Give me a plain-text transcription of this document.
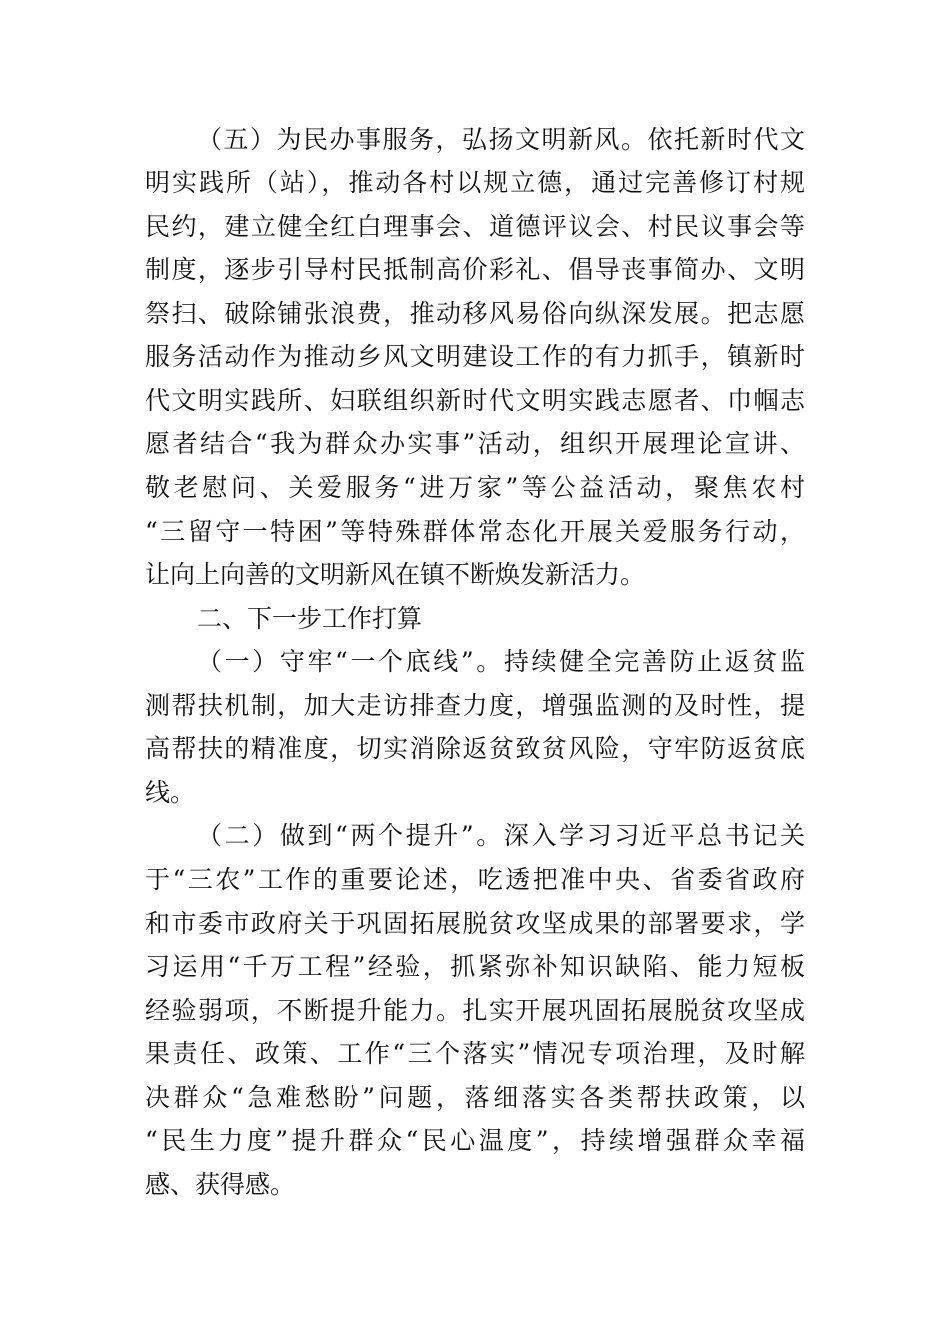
（五）为民办事服务，弘扬文明新风。依托新时代文
明实践所（站），推动各村以规立德，通过完善修订村规
民约，建立健全红白理事会、道德评议会、村民议事会等
制度，逐步引导村民抵制高价彩礼、倡导丧事简办、文明
祭扫、破除铺张浪费，推动移风易俗向纵深发展。把志愿
服务活动作为推动乡风文明建设工作的有力抓手，镇新时
代文明实践所、妇联组织新时代文明实践志愿者、巾帼志
愿者结合“我为群众办实事”活动，组织开展理论宣讲、
敬老慰问、关爱服务“进万家”等公益活动，聚焦农村
“三留守一特困”等特殊群体常态化开展关爱服务行动，
让向上向善的文明新风在镇不断焕发新活力。
二、下一步工作打算
（一）守牢“一个底线”。持续健全完善防止返贫监
测帮扶机制，加大走访排查力度，增强监测的及时性，提
高帮扶的精准度，切实消除返贫致贫风险，守牢防返贫底
线。
（二）做到“两个提升”。深入学习习近平总书记关
于“三农”工作的重要论述，吃透把准中央、省委省政府
和市委市政府关于巩固拓展脱贫攻坚成果的部署要求，学
习运用“千万工程”经验，抓紧弥补知识缺陷、能力短板
经验弱项，不断提升能力。扎实开展巩固拓展脱贫攻坚成
果责任、政策、工作“三个落实”情况专项治理，及时解
决群众“急难愁盼”问题，落细落实各类帮扶政策，以
“民生力度”提升群众“民心温度”，持续增强群众幸福
感、获得感。
